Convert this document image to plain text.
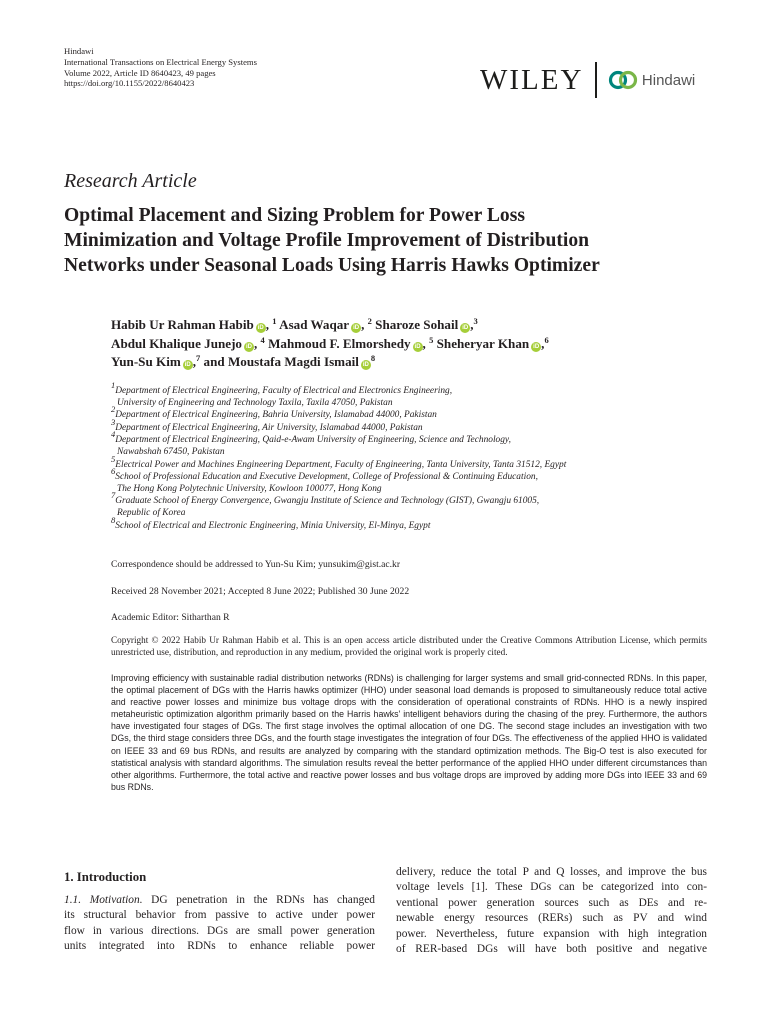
Hindawi
International Transactions on Electrical Energy Systems
Volume 2022, Article ID 8640423, 49 pages
https://doi.org/10.1155/2022/8640423	WILEY	Hindawi
Research Article
Optimal Placement and Sizing Problem for Power Loss
Minimization and Voltage Profile Improvement of Distribution
Networks under Seasonal Loads Using Harris Hawks Optimizer
Habib Ur Rahman Habib iD , $^1$ Asad Waqar iD , $^2$ Sharoze Sohail iD ,$^3$
Abdul Khalique Junejo iD , $^4$ Mahmoud F. Elmorshedy iD , $^5$ Sheheryar Khan iD ,$^6$
Yun-Su Kim iD ,$^7$ and Moustafa Magdi Ismail $iD^8$
$^1$Department of Electrical Engineering, Faculty of Electrical and Electronics Engineering,
University of Engineering and Technology Taxila, Taxila 47050, Pakistan
$^2$Department of Electrical Engineering, Bahria University, Islamabad 44000, Pakistan
$^3$Department of Electrical Engineering, Air University, Islamabad 44000, Pakistan
$^4$Department of Electrical Engineering, Qaid-e-Awam University of Engineering, Science and Technology,
Nawabshah 67450, Pakistan
$^5$Electrical Power and Machines Engineering Department, Faculty of Engineering, Tanta University, Tanta 31512, Egypt
$^6$School of Professional Education and Executive Development, College of Professional & Continuing Education,
The Hong Kong Polytechnic University, Kowloon 100077, Hong Kong
$^7$Graduate School of Energy Convergence, Gwangju Institute of Science and Technology (GIST), Gwangju 61005,
Republic of Korea
$^8$School of Electrical and Electronic Engineering, Minia University, El-Minya, Egypt
Correspondence should be addressed to Yun-Su Kim; yunsukim@gist.ac.kr
Received 28 November 2021; Accepted 8 June 2022; Published 30 June 2022
Academic Editor: Sitharthan R
Copyright © 2022 Habib Ur Rahman Habib et al. This is an open access article distributed under the Creative Commons Attribution License, which permits unrestricted use, distribution, and reproduction in any medium, provided the original work is properly cited.
Improving efficiency with sustainable radial distribution networks (RDNs) is challenging for larger systems and small grid-connected RDNs. In this paper, the optimal placement of DGs with the Harris hawks optimizer (HHO) under seasonal load demands is proposed to simultaneously reduce total active and reactive power losses and minimize bus voltage drops with the consideration of operational constraints of RDNs. HHO is a newly inspired metaheuristic optimization algorithm primarily based on the Harris hawks' intelligent behaviors during the chasing of the prey. Furthermore, the authors have investigated four stages of DGs. The first stage involves the optimal allocation of one DG. The second stage includes an investigation with two DGs, the third stage considers three DGs, and the fourth stage investigates the integration of four DGs. The effectiveness of the applied HHO is validated on IEEE 33 and 69 bus RDNs, and results are analyzed by comparing with the standard optimization methods. The Big-O test is also executed for statistical analysis with standard algorithms. The simulation results reveal the better performance of the applied HHO under different circumstances than other algorithms. Furthermore, the total active and reactive power losses and bus voltage drops are improved by adding more DGs into IEEE 33 and 69 bus RDNs.
1. Introduction
1.1. Motivation. DG penetration in the RDNs has changed
its structural behavior from passive to active under power
flow in various directions. DGs are small power generation
units integrated into RDNs to enhance reliable power
delivery, reduce the total P and Q losses, and improve the bus
voltage levels [1]. These DGs can be categorized into con-
ventional power generation sources such as DEs and re-
newable energy resources (RERs) such as PV and wind
power. Nevertheless, future expansion with high integration
of RER-based DGs will have both positive and negative
